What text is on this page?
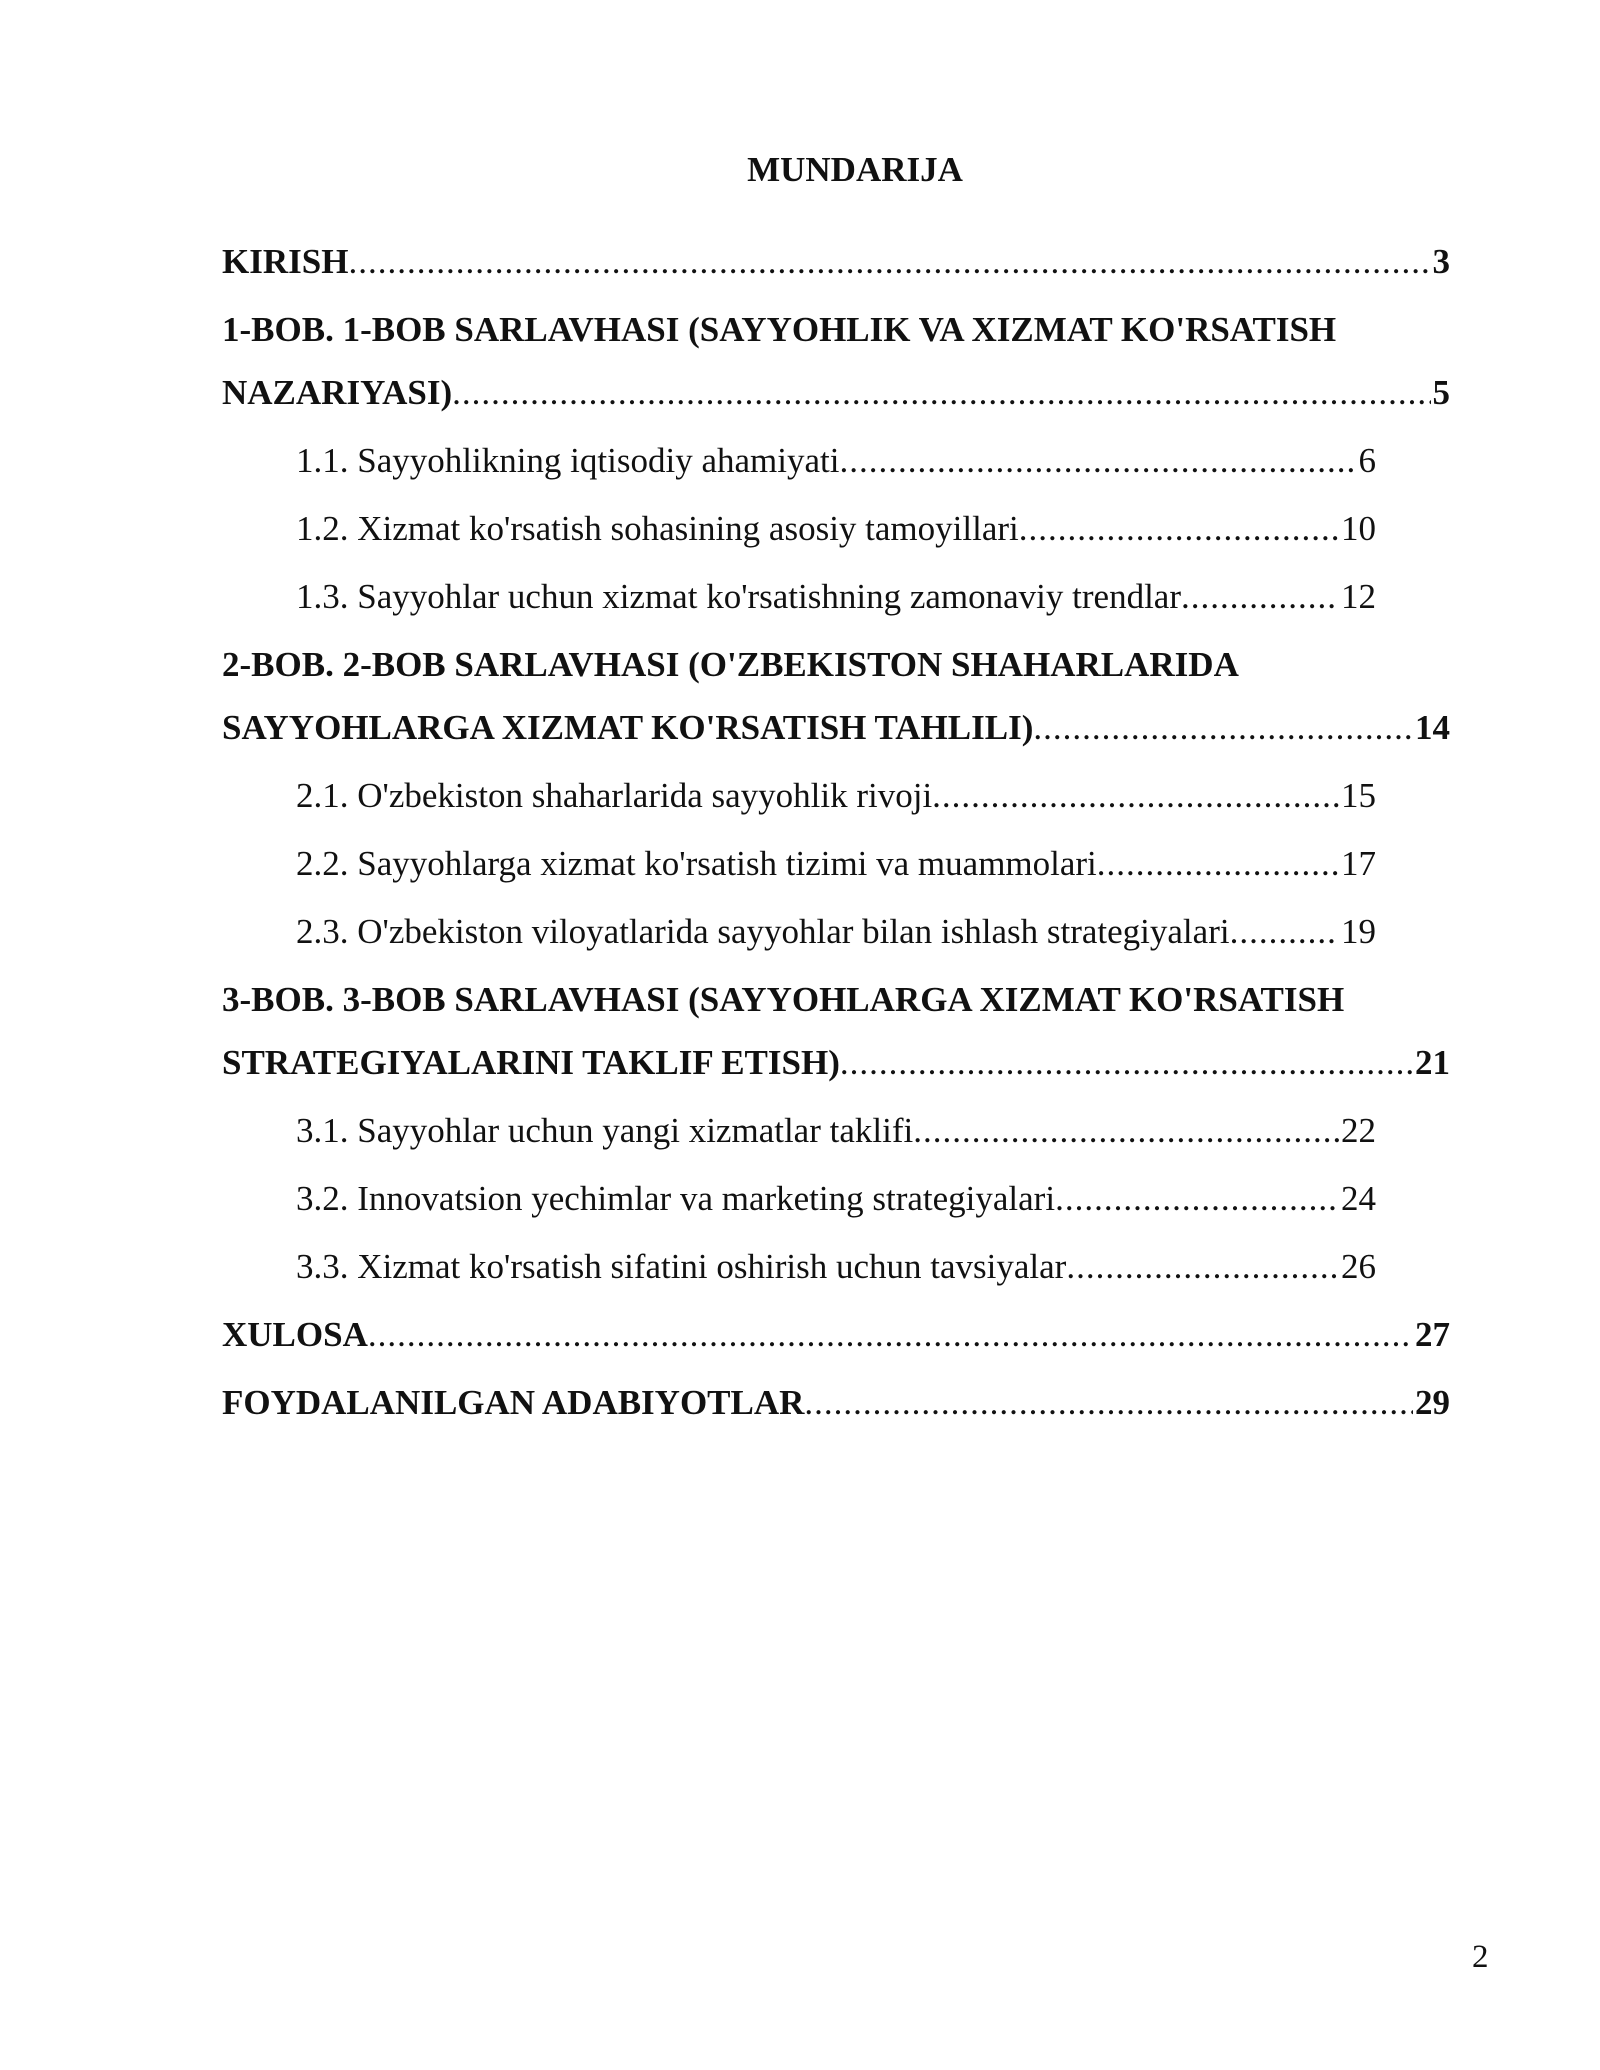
MUNDARIJA
KIRISH .....	3
1-BOB. 1-BOB SARLAVHASI (SAYYOHLIK VA XIZMAT KO'RSATISH
NAZARIYASI) .....	5
1.1. Sayyohlikning iqtisodiy ahamiyati .....	6
1.2. Xizmat ko'rsatish sohasining asosiy tamoyillari .....	10
1.3. Sayyohlar uchun xizmat ko'rsatishning zamonaviy trendlar .....	12
2-BOB. 2-BOB SARLAVHASI (O'ZBEKISTON SHAHARLARIDA
SAYYOHLARGA XIZMAT KO'RSATISH TAHLILI) .....	14
2.1. O'zbekiston shaharlarida sayyohlik rivoji .....	15
2.2. Sayyohlarga xizmat ko'rsatish tizimi va muammolari .....	17
2.3. O'zbekiston viloyatlarida sayyohlar bilan ishlash strategiyalari .....	19
3-BOB. 3-BOB SARLAVHASI (SAYYOHLARGA XIZMAT KO'RSATISH
STRATEGIYALARINI TAKLIF ETISH) .....	21
3.1. Sayyohlar uchun yangi xizmatlar taklifi .....	22
3.2. Innovatsion yechimlar va marketing strategiyalari .....	24
3.3. Xizmat ko'rsatish sifatini oshirish uchun tavsiyalar .....	26
XULOSA .....	27
FOYDALANILGAN ADABIYOTLAR .....	29
2
